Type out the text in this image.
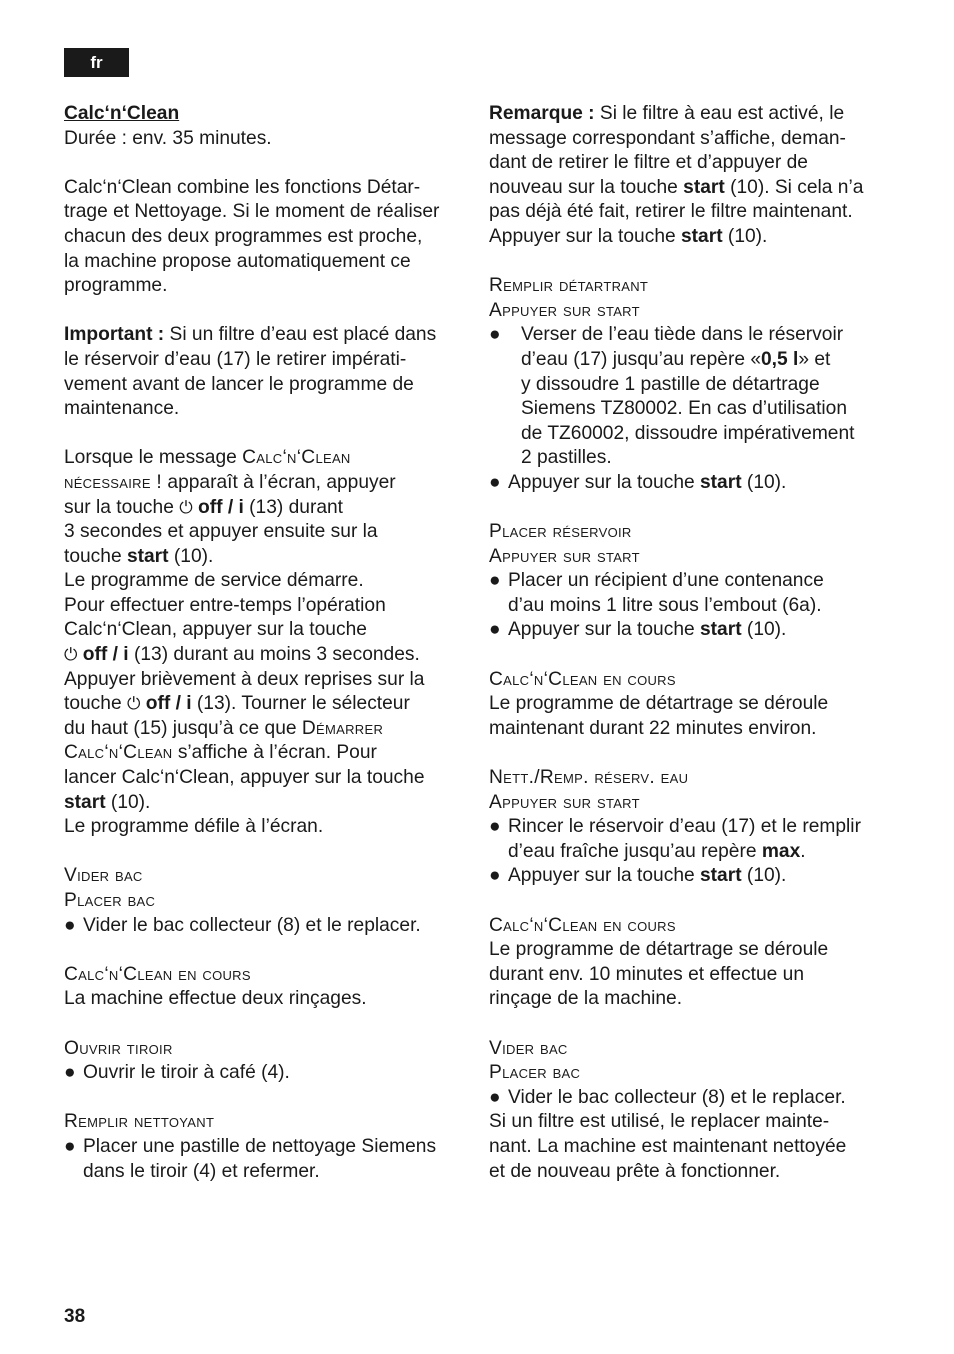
fr

Calc‘n‘Clean

Durée : env. 35 minutes.

Calc‘n‘Clean combine les fonctions Détar-

trage et Nettoyage. Si le moment de réaliser

chacun des deux programmes est proche,

la machine propose automatiquement ce

programme.

Important : Si un filtre d’eau est placé dans

le réservoir d’eau (17) le retirer impérati-

vement avant de lancer le programme de

maintenance.

Lorsque le message Calc‘n‘Clean

nécessaire ! apparaît à l’écran, appuyer

sur la touche ⏻ off / i (13) durant

3 secondes et appuyer ensuite sur la

touche start (10).

Le programme de service démarre.

Pour effectuer entre-temps l’opération

Calc‘n‘Clean, appuyer sur la touche

⏻ off / i (13) durant au moins 3 secondes.

Appuyer brièvement à deux reprises sur la

touche ⏻ off / i (13). Tourner le sélecteur

du haut (15) jusqu’à ce que Démarrer

Calc‘n‘Clean s’affiche à l’écran. Pour

lancer Calc‘n‘Clean, appuyer sur la touche

start (10).

Le programme défile à l’écran.

Vider bac

Placer bac

● Vider le bac collecteur (8) et le replacer.

Calc‘n‘Clean en cours

La machine effectue deux rinçages.

Ouvrir tiroir

● Ouvrir le tiroir à café (4).

Remplir nettoyant

● Placer une pastille de nettoyage Siemens

dans le tiroir (4) et refermer.

Remarque : Si le filtre à eau est activé, le

message correspondant s’affiche, deman-

dant de retirer le filtre et d’appuyer de

nouveau sur la touche start (10). Si cela n’a

pas déjà été fait, retirer le filtre maintenant.

Appuyer sur la touche start (10).

Remplir détartrant

Appuyer sur start

● Verser de l’eau tiède dans le réservoir

d’eau (17) jusqu’au repère «0,5 l» et

y dissoudre 1 pastille de détartrage

Siemens TZ80002. En cas d’utilisation

de TZ60002, dissoudre impérativement

2 pastilles.

● Appuyer sur la touche start (10).

Placer réservoir

Appuyer sur start

● Placer un récipient d’une contenance

d’au moins 1 litre sous l’embout (6a).

● Appuyer sur la touche start (10).

Calc‘n‘Clean en cours

Le programme de détartrage se déroule

maintenant durant 22 minutes environ.

Nett./Remp. réserv. eau

Appuyer sur start

● Rincer le réservoir d’eau (17) et le remplir

d’eau fraîche jusqu’au repère max.

● Appuyer sur la touche start (10).

Calc‘n‘Clean en cours

Le programme de détartrage se déroule

durant env. 10 minutes et effectue un

rinçage de la machine.

Vider bac

Placer bac

● Vider le bac collecteur (8) et le replacer.

Si un filtre est utilisé, le replacer mainte-

nant. La machine est maintenant nettoyée

et de nouveau prête à fonctionner.

38
